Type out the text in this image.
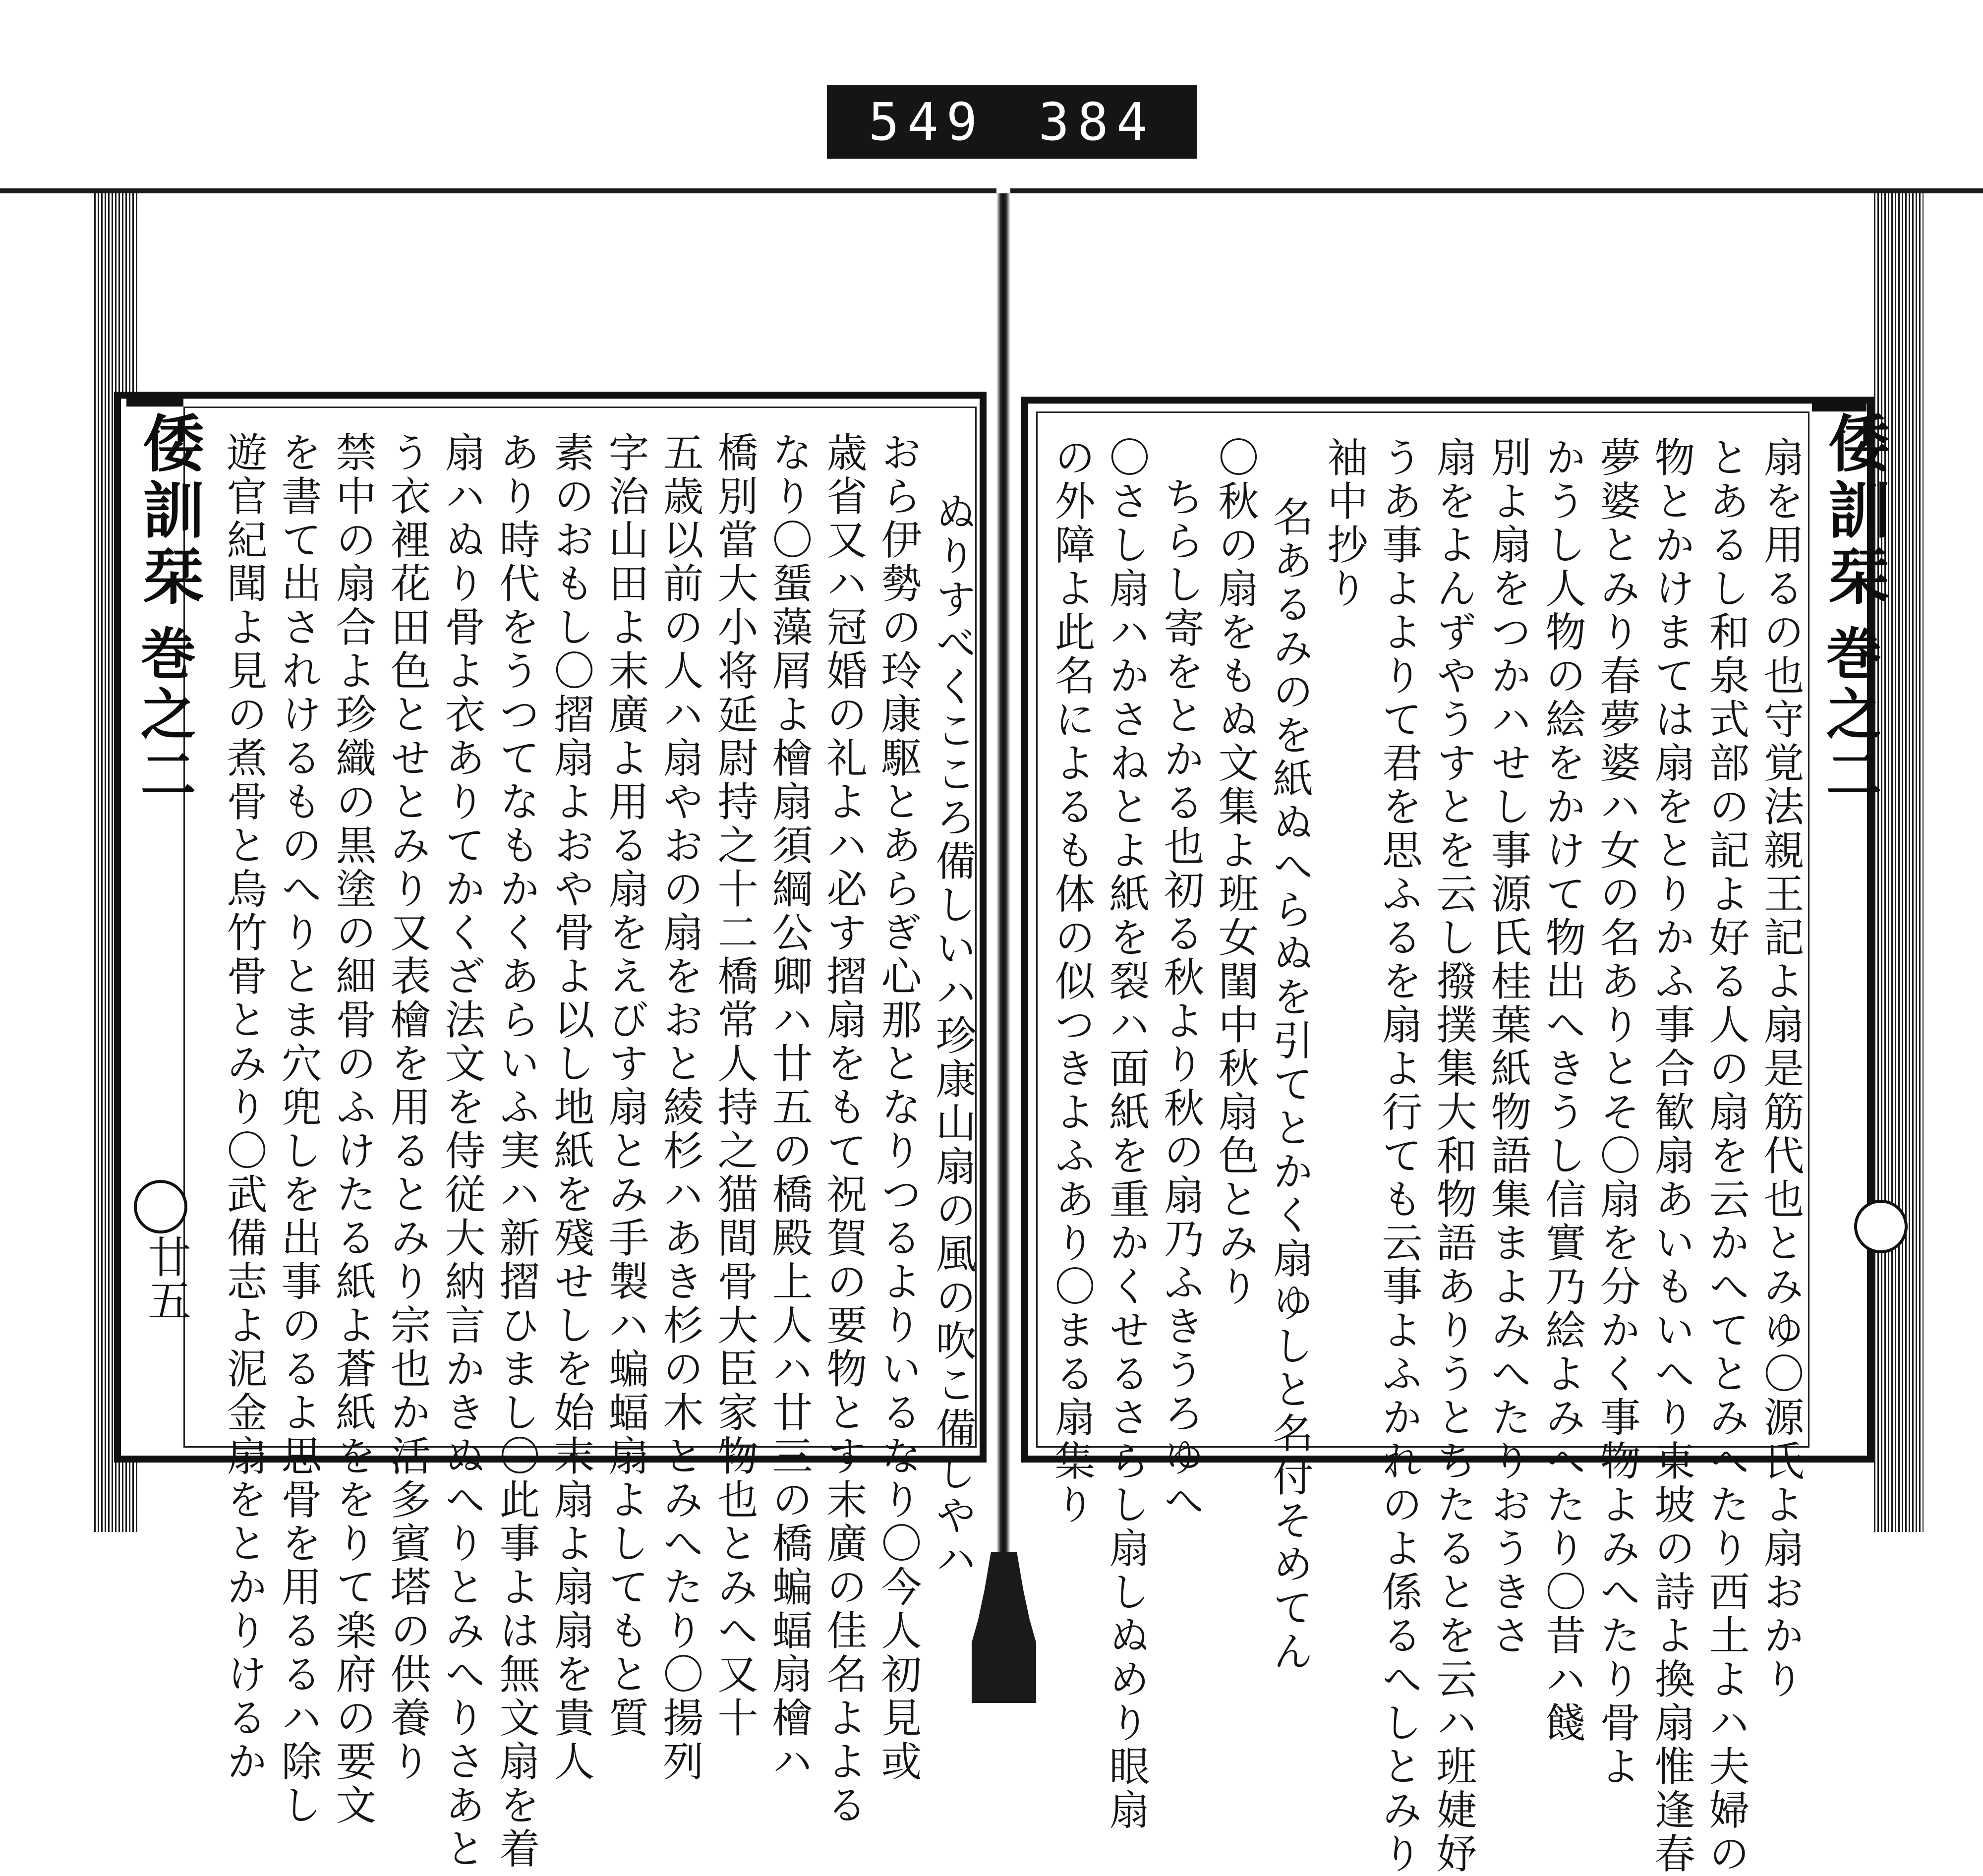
549 384
倭訓栞
巻之二
廿五	ぬりすべくこころ備しいハ珍康山扇の風の吹こ備しやハ
おら伊勢の玲康駆とあらぎ心那となりつるよりいるなり〇今人初見或
歳省又ハ冠婚の礼よハ必す摺扇をもて祝賀の要物とす末廣の佳名よよる
なり〇蜑藻屑よ檜扇須綱公卿ハ廿五の橋殿上人ハ廿三の橋蝙蝠扇檜ハ
橋別當大小将延尉持之十二橋常人持之猫間骨大臣家物也とみへ又十
五歳以前の人ハ扇やおの扇をおと綾杉ハあき杉の木とみへたり〇揚列
字治山田よ末廣よ用る扇をえびす扇とみ手製ハ蝙蝠扇よしてもと質
素のおもし〇摺扇よおや骨よ以し地紙を殘せしを始末扇よ扇扇を貴人
あり時代をうつてなもかくあらいふ実ハ新摺ひまし〇此事よは無文扇を着
扇ハぬり骨よ衣ありてかくざ法文を侍従大納言かきぬへりとみへりさあと
う衣裡花田色とせとみり又表檜を用るとみり宗也か活多賓塔の供養り
禁中の扇合よ珍織の黒塗の細骨のふけたる紙よ蒼紙ををりて楽府の要文
を書て出されけるものへりとま穴兜しを出事のるよ思骨を用るるハ除し
遊官紀聞よ見の煮骨と烏竹骨とみり〇武備志よ泥金扇をとかりけるか	倭訓栞
巻之二
扇を用るの也守覚法親王記よ扇是筋代也とみゆ〇源氏よ扇おかり
とあるし和泉式部の記よ好る人の扇を云かへてとみへたり西土よハ夫婦の
物とかけまては扇をとりかふ事合歓扇あいもいへり東坡の詩よ換扇惟逢春
夢婆とみり春夢婆ハ女の名ありとそ〇扇を分かく事物よみへたり骨よ
かうし人物の絵をかけて物出へきうし信實乃絵よみへたり〇昔ハ餞
別よ扇をつかハせし事源氏桂葉紙物語集まよみへたりおうきさ
扇をよんずやうすとを云し撥撲集大和物語ありうとちたるとを云ハ班婕妤
うあ事よよりて君を思ふるを扇よ行ても云事よふかれのよ係るへしとみり
袖中抄り
名あるみのを紙ぬへらぬを引てとかく扇ゆしと名付そめてん
〇秋の扇をもぬ文集よ班女閨中秋扇色とみり
ちらし寄をとかる也初る秋より秋の扇乃ふきうろゆへ
〇さし扇ハかさねとよ紙を裂ハ面紙を重かくせるさらし扇しぬめり眼扇
の外障よ此名によるも体の似つきよふあり〇まる扇集り
